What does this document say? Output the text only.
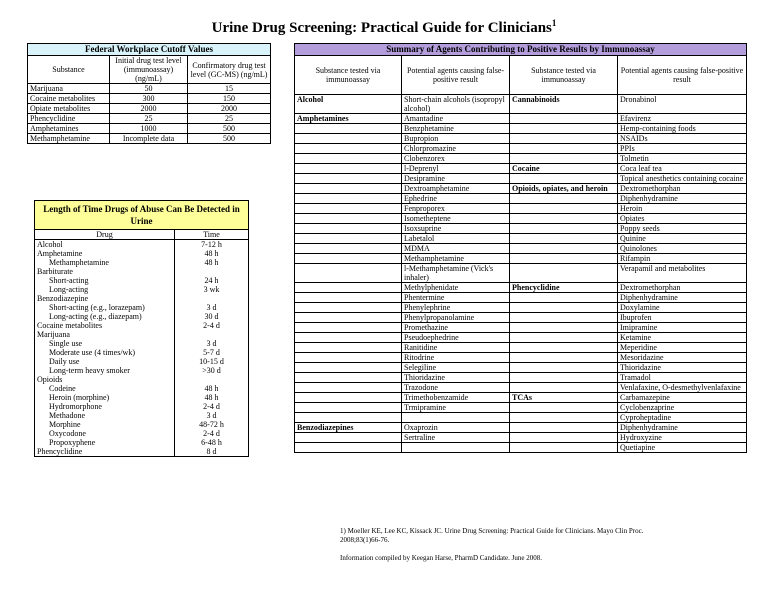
Urine Drug Screening: Practical Guide for Clinicians$^1$
Federal Workplace Cutoff Values		
Substance	Initial drug test level (immunoassay) (ng/mL)	Confirmatory drug test level (GC-MS) (ng/mL)
Marijuana	50	15
Cocaine metabolites	300	150
Opiate metabolites	2000	2000
Phencyclidine	25	25
Amphetamines	1000	500
Methamphetamine	Incomplete data	500
Length of Time Drugs of Abuse Can Be Detected in Urine	
Drug	Time
Alcohol	7-12 h
Amphetamine	48 h
Methamphetamine	48 h
Barbiturate	
Short-acting	24 h
Long-acting	3 wk
Benzodiazepine	
Short-acting (e.g., lorazepam)	3 d
Long-acting (e.g., diazepam)	30 d
Cocaine metabolites	2-4 d
Marijuana	
Single use	3 d
Moderate use (4 times/wk)	5-7 d
Daily use	10-15 d
Long-term heavy smoker	>30 d
Opioids	
Codeine	48 h
Heroin (morphine)	48 h
Hydromorphone	2-4 d
Methadone	3 d
Morphine	48-72 h
Oxycodone	2-4 d
Propoxyphene	6-48 h
Phencyclidine	8 d
Summary of Agents Contributing to Positive Results by Immunoassay			
Substance tested via immunoassay	Potential agents causing false-positive result	Substance tested via immunoassay	Potential agents causing false-positive result
Alcohol	Short-chain alcohols (isopropyl alcohol)	Cannabinoids	Dronabinol
Amphetamines	Amantadine		Efavirenz
	Benzphetamine		Hemp-containing foods
	Bupropion		NSAIDs
	Chlorpromazine		PPIs
	Clobenzorex		Tolmetin
	l-Deprenyl	Cocaine	Coca leaf tea
	Desipramine		Topical anesthetics containing cocaine
	Dextroamphetamine	Opioids, opiates, and heroin	Dextromethorphan
	Ephedrine		Diphenhydramine
	Fenproporex		Heroin
	Isometheptene		Opiates
	Isoxsuprine		Poppy seeds
	Labetalol		Quinine
	MDMA		Quinolones
	Methamphetamine		Rifampin
	l-Methamphetamine (Vick's inhaler)		Verapamil and metabolites
	Methylphenidate	Phencyclidine	Dextromethorphan
	Phentermine		Diphenhydramine
	Phenylephrine		Doxylamine
	Phenylpropanolamine		Ibuprofen
	Promethazine		Imipramine
	Pseudoephedrine		Ketamine
	Ranitidine		Meperidine
	Ritodrine		Mesoridazine
	Selegiline		Thioridazine
	Thioridazine		Tramadol
	Trazodone		Venlafaxine, O-desmethylvenlafaxine
	Trimethobenzamide	TCAs	Carbamazepine
	Trmipramine		Cyclobenzaprine
			Cyproheptadine
Benzodiazepines	Oxaprozin		Diphenhydramine
	Sertraline		Hydroxyzine
			Quetiapine
1) Moeller KE, Lee KC, Kissack JC. Urine Drug Screening: Practical Guide for Clinicians. Mayo Clin Proc. 2008;83(1)66-76.
Information compiled by Keegan Harse, PharmD Candidate. June 2008.
